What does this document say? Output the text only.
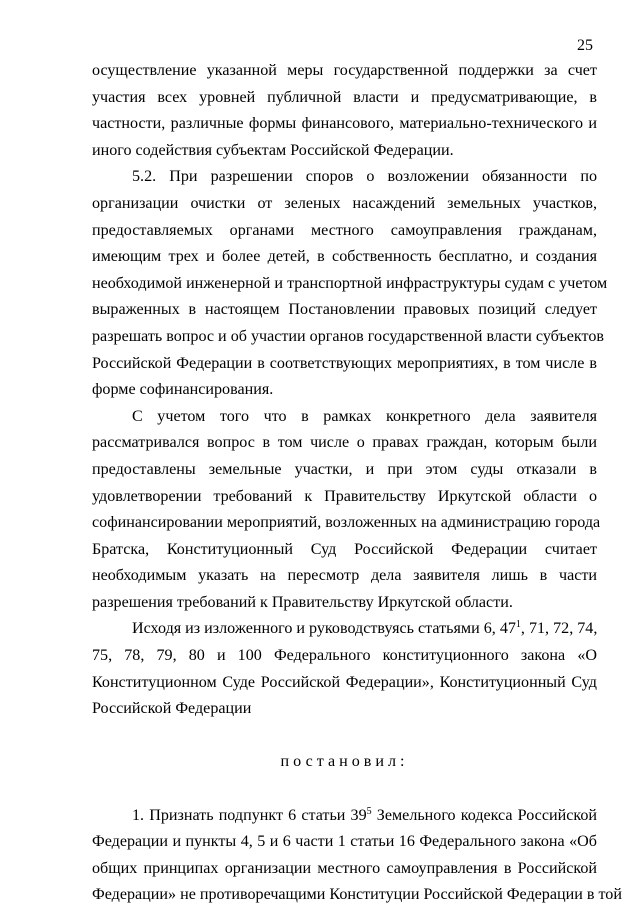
25
осуществление указанной меры государственной поддержки за счет
участия всех уровней публичной власти и предусматривающие, в
частности, различные формы финансового, материально-технического и
иного содействия субъектам Российской Федерации.
5.2. При разрешении споров о возложении обязанности по
организации очистки от зеленых насаждений земельных участков,
предоставляемых органами местного самоуправления гражданам,
имеющим трех и более детей, в собственность бесплатно, и создания
необходимой инженерной и транспортной инфраструктуры судам с учетом
выраженных в настоящем Постановлении правовых позиций следует
разрешать вопрос и об участии органов государственной власти субъектов
Российской Федерации в соответствующих мероприятиях, в том числе в
форме софинансирования.
С учетом того что в рамках конкретного дела заявителя
рассматривался вопрос в том числе о правах граждан, которым были
предоставлены земельные участки, и при этом суды отказали в
удовлетворении требований к Правительству Иркутской области о
софинансировании мероприятий, возложенных на администрацию города
Братска, Конституционный Суд Российской Федерации считает
необходимым указать на пересмотр дела заявителя лишь в части
разрешения требований к Правительству Иркутской области.
Исходя из изложенного и руководствуясь статьями 6, $47^1$, 71, 72, 74,
75, 78, 79, 80 и 100 Федерального конституционного закона «О
Конституционном Суде Российской Федерации», Конституционный Суд
Российской Федерации
постановил:
1. Признать подпункт 6 статьи $39^5$ Земельного кодекса Российской
Федерации и пункты 4, 5 и 6 части 1 статьи 16 Федерального закона «Об
общих принципах организации местного самоуправления в Российской
Федерации» не противоречащими Конституции Российской Федерации в той
